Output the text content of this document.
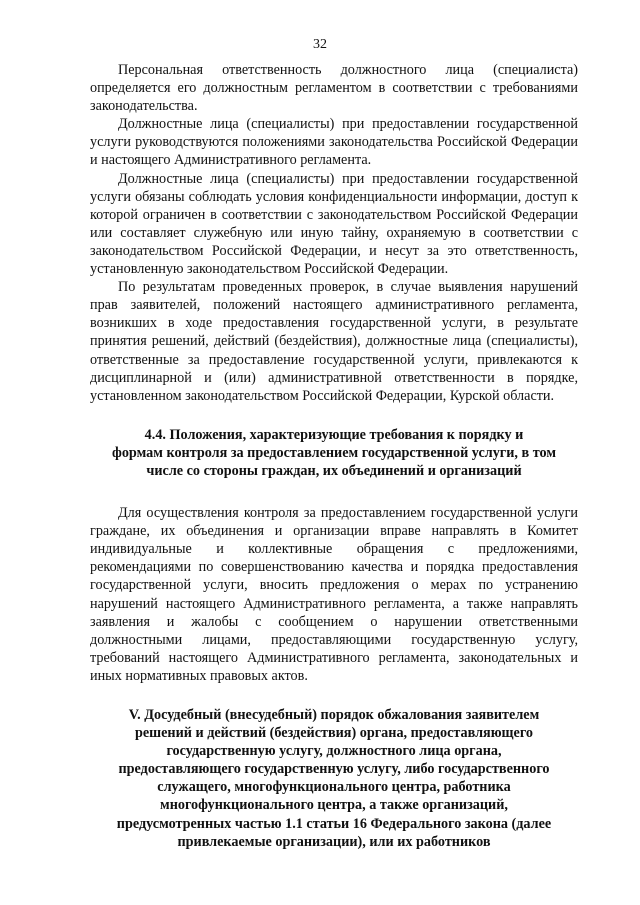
32

Персональная ответственность должностного лица (специалиста) определяется его должностным регламентом в соответствии с требованиями законодательства.

Должностные лица (специалисты) при предоставлении государственной услуги руководствуются положениями законодательства Российской Федерации и настоящего Административного регламента.

Должностные лица (специалисты) при предоставлении государственной услуги обязаны соблюдать условия конфиденциальности информации, доступ к которой ограничен в соответствии с законодательством Российской Федерации или составляет служебную или иную тайну, охраняемую в соответствии с законодательством Российской Федерации, и несут за это ответственность, установленную законодательством Российской Федерации.

По результатам проведенных проверок, в случае выявления нарушений прав заявителей, положений настоящего административного регламента, возникших в ходе предоставления государственной услуги, в результате принятия решений, действий (бездействия), должностные лица (специалисты), ответственные за предоставление государственной услуги, привлекаются к дисциплинарной и (или) административной ответственности в порядке, установленном законодательством Российской Федерации, Курской области.

4.4. Положения, характеризующие требования к порядку и

формам контроля за предоставлением государственной услуги, в том

числе со стороны граждан, их объединений и организаций

Для осуществления контроля за предоставлением государственной услуги граждане, их объединения и организации вправе направлять в Комитет индивидуальные и коллективные обращения с предложениями, рекомендациями по совершенствованию качества и порядка предоставления государственной услуги, вносить предложения о мерах по устранению нарушений настоящего Административного регламента, а также направлять заявления и жалобы с сообщением о нарушении ответственными должностными лицами, предоставляющими государственную услугу, требований настоящего Административного регламента, законодательных и иных нормативных правовых актов.

V. Досудебный (внесудебный) порядок обжалования заявителем

решений и действий (бездействия) органа, предоставляющего

государственную услугу, должностного лица органа,

предоставляющего государственную услугу, либо государственного

служащего, многофункционального центра, работника

многофункционального центра, а также организаций,

предусмотренных частью 1.1 статьи 16 Федерального закона (далее

привлекаемые организации), или их работников
